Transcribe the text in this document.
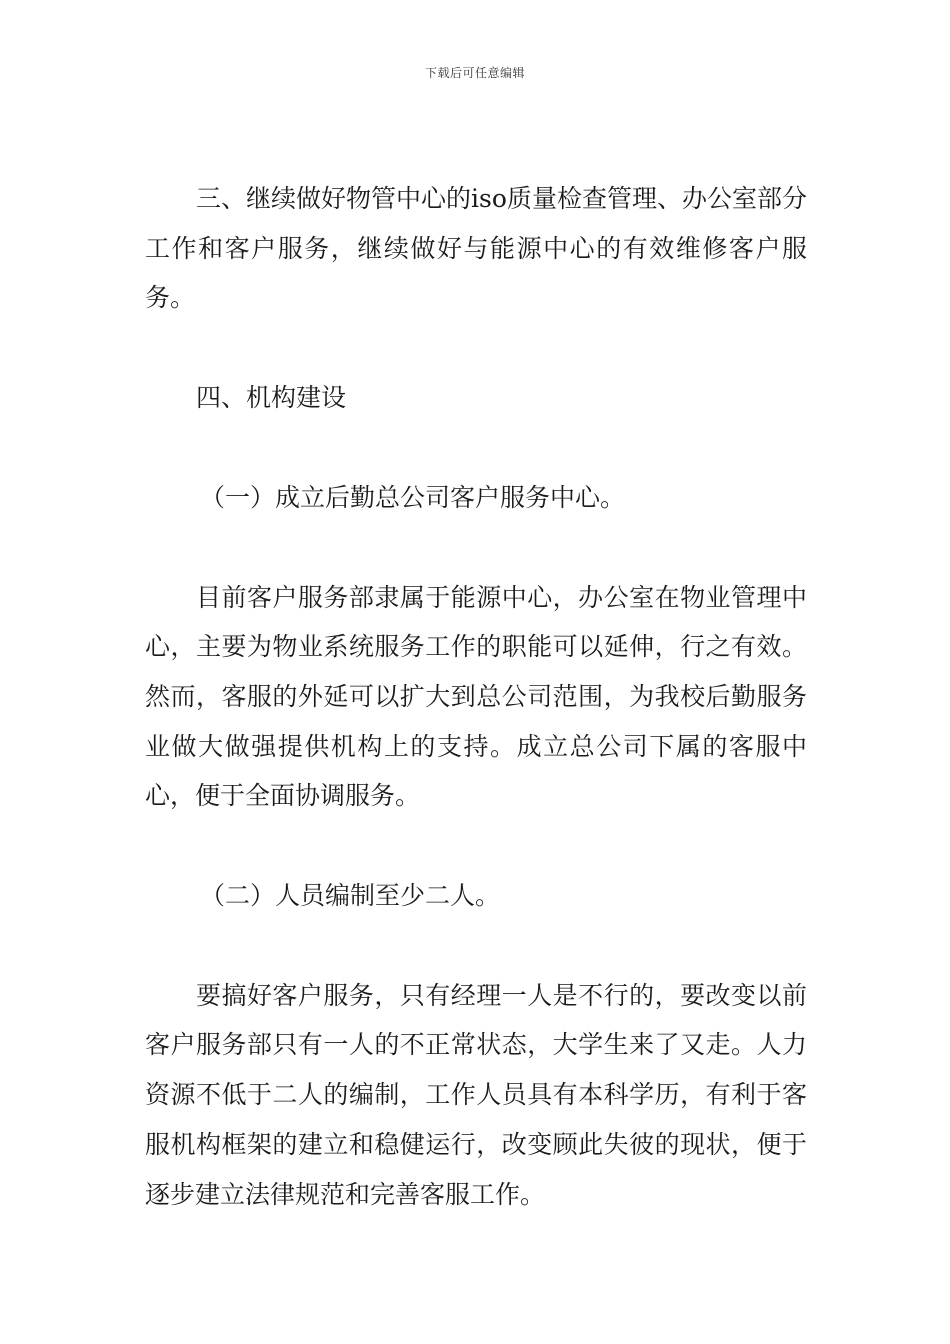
下载后可任意编辑

三、继续做好物管中心的iso质量检查管理、办公室部分工作和客户服务，继续做好与能源中心的有效维修客户服务。

四、机构建设

（一）成立后勤总公司客户服务中心。

目前客户服务部隶属于能源中心，办公室在物业管理中心，主要为物业系统服务工作的职能可以延伸，行之有效。然而，客服的外延可以扩大到总公司范围，为我校后勤服务业做大做强提供机构上的支持。成立总公司下属的客服中心，便于全面协调服务。

（二）人员编制至少二人。

要搞好客户服务，只有经理一人是不行的，要改变以前客户服务部只有一人的不正常状态，大学生来了又走。人力资源不低于二人的编制，工作人员具有本科学历，有利于客服机构框架的建立和稳健运行，改变顾此失彼的现状，便于逐步建立法律规范和完善客服工作。
